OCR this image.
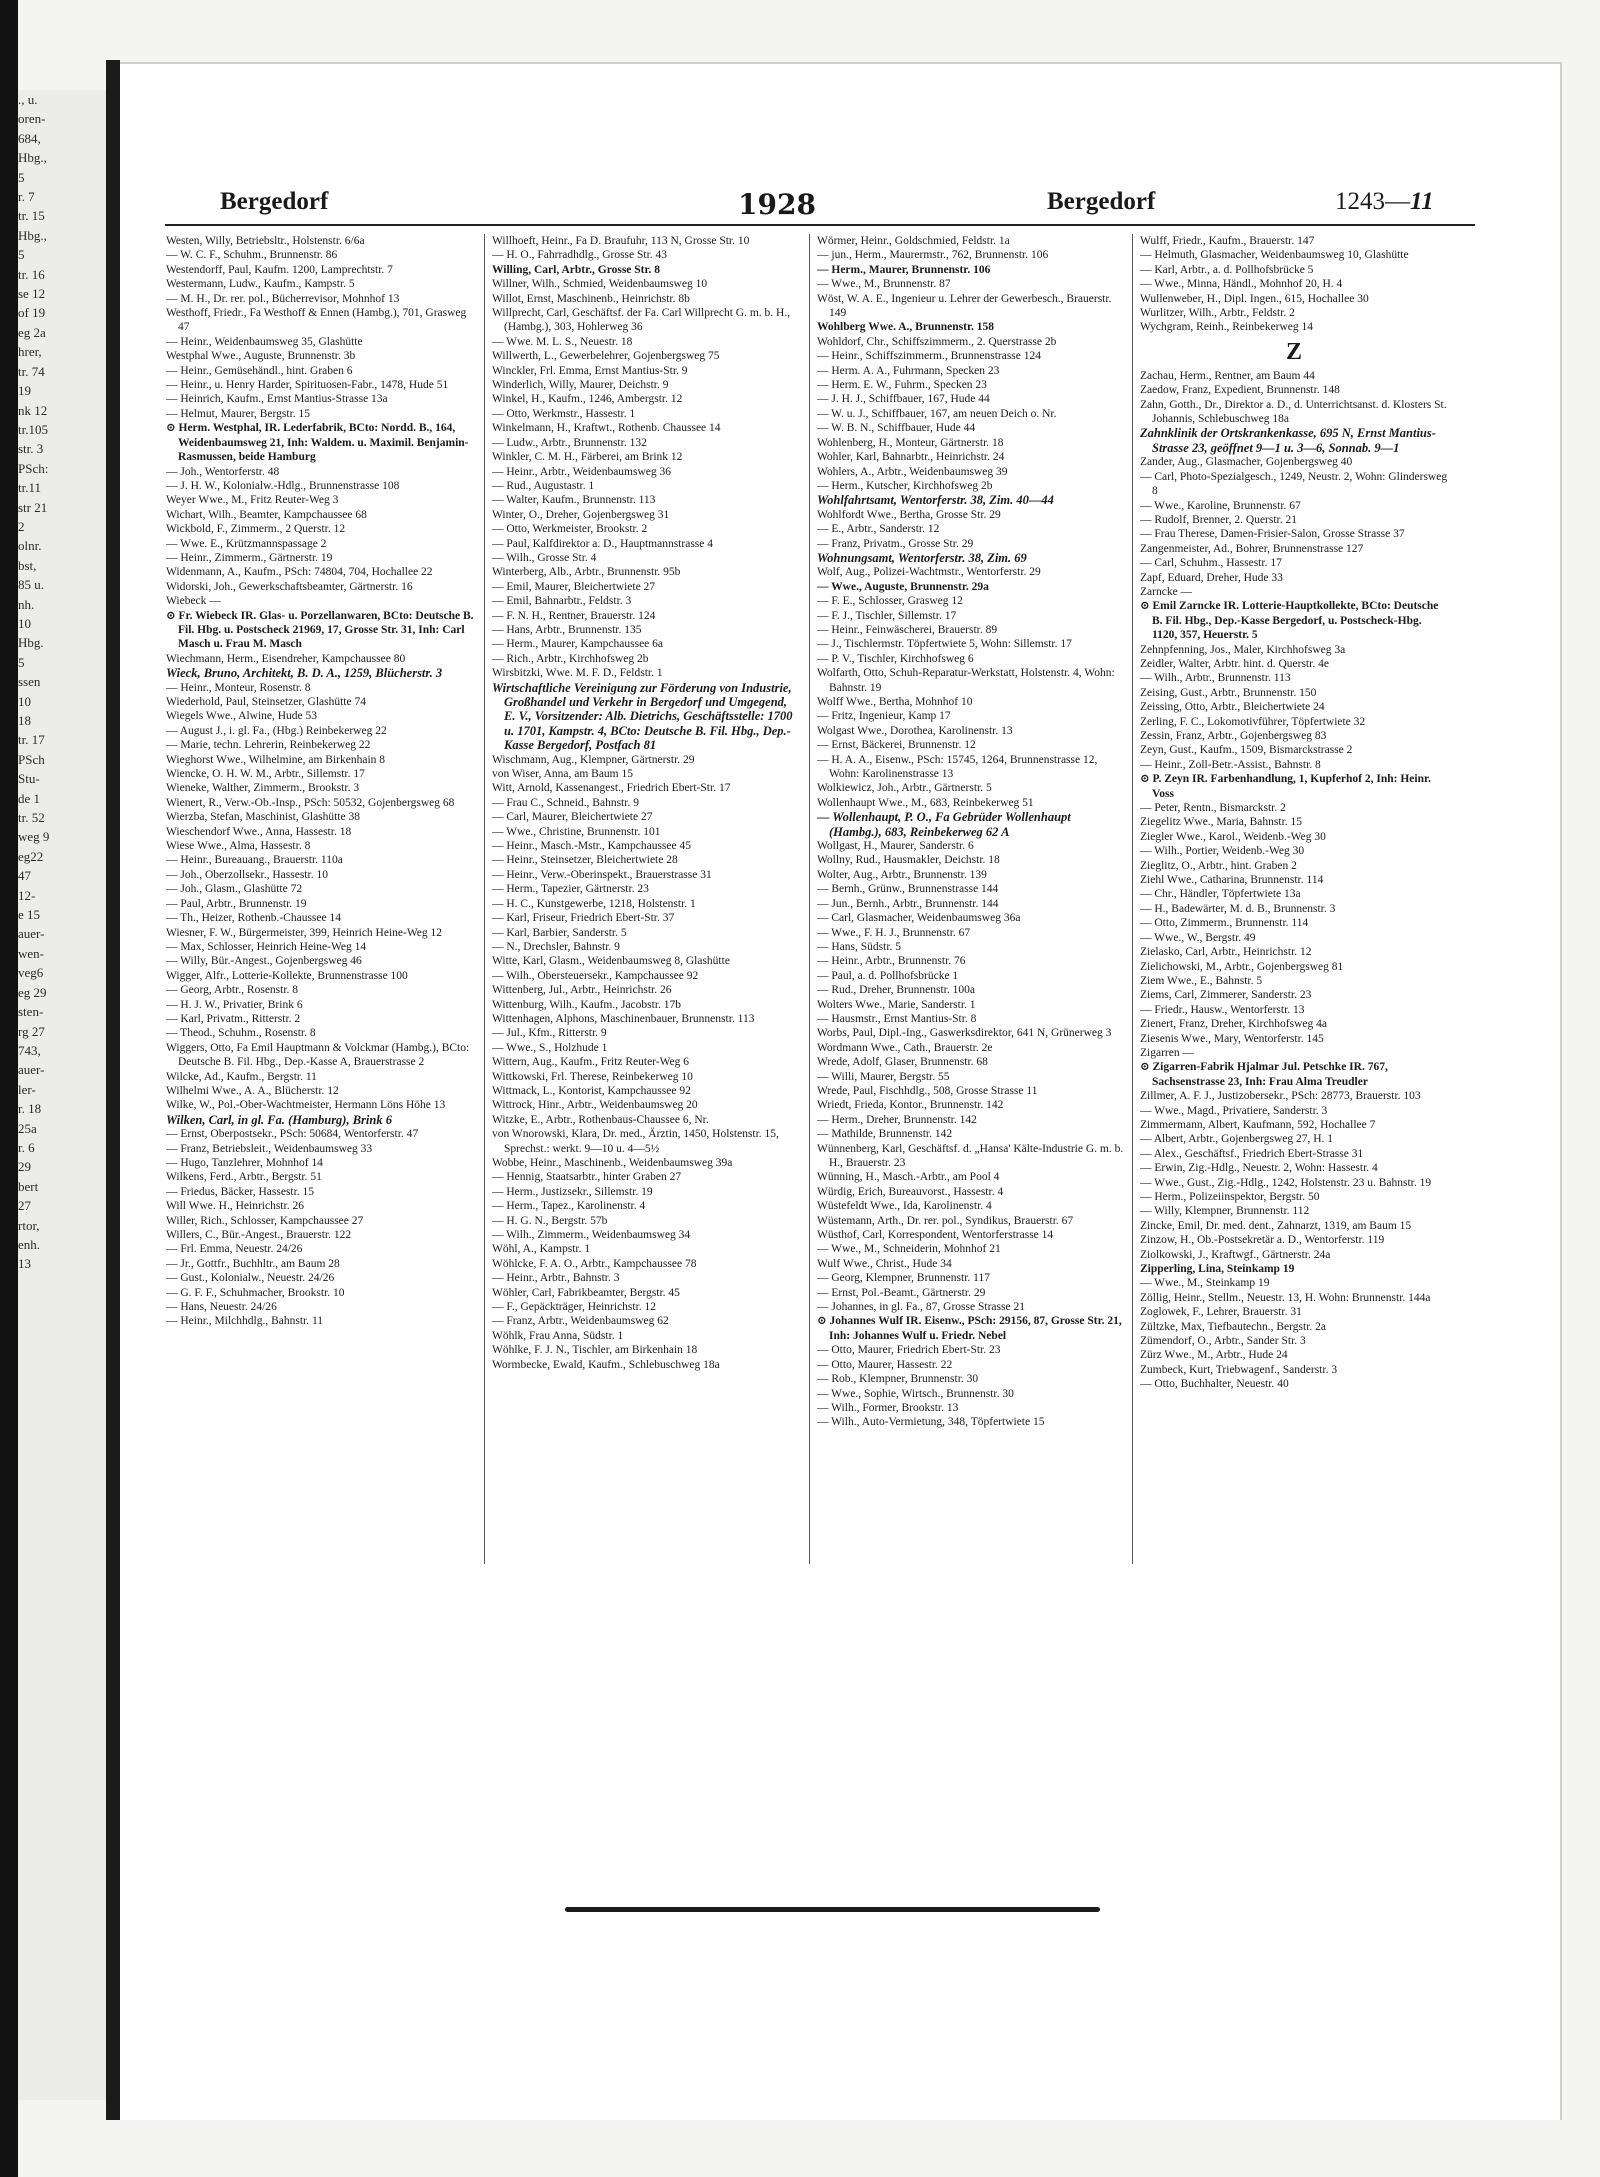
., u.
oren-
684,
Hbg.,
5
r. 7
tr. 15
Hbg.,
5
tr. 16
se 12
of 19
eg 2a
hrer,
tr. 74
19
nk 12
tr.105
str. 3
PSch:
tr.11
str 21
2
olnr.
bst,
85 u.
nh.
10
Hbg.
5
ssen
10
18
tr. 17
PSch
Stu-
de 1
tr. 52
weg 9
eg22
47
12-
e 15
auer-
wen-
veg6
eg 29
sten-
rg 27
743,
auer-
ler-
r. 18
25a
r. 6
29
bert
27
rtor,
enh.
13
Bergedorf	1928	Bergedorf	1243—11

Westen, Willy, Betriebsltr., Holstenstr. 6/6a

— W. C. F., Schuhm., Brunnenstr. 86

Westendorff, Paul, Kaufm. 1200, Lamprechtstr. 7

Westermann, Ludw., Kaufm., Kampstr. 5

— M. H., Dr. rer. pol., Bücherrevisor, Mohnhof 13

Westhoff, Friedr., Fa Westhoff & Ennen (Hambg.), 701, Grasweg 47

— Heinr., Weidenbaumsweg 35, Glashütte

Westphal Wwe., Auguste, Brunnenstr. 3b

— Heinr., Gemüsehändl., hint. Graben 6

— Heinr., u. Henry Harder, Spirituosen-Fabr., 1478, Hude 51

— Heinrich, Kaufm., Ernst Mantius-Strasse 13a

— Helmut, Maurer, Bergstr. 15

⊙ Herm. Westphal, IR. Lederfabrik, BCto: Nordd. B., 164, Weidenbaumsweg 21, Inh: Waldem. u. Maximil. Benjamin-Rasmussen, beide Hamburg

— Joh., Wentorferstr. 48

— J. H. W., Kolonialw.-Hdlg., Brunnenstrasse 108

Weyer Wwe., M., Fritz Reuter-Weg 3

Wichart, Wilh., Beamter, Kampchaussee 68

Wickbold, F., Zimmerm., 2 Querstr. 12

— Wwe. E., Krützmannspassage 2

— Heinr., Zimmerm., Gärtnerstr. 19

Widenmann, A., Kaufm., PSch: 74804, 704, Hochallee 22

Widorski, Joh., Gewerkschaftsbeamter, Gärtnerstr. 16

Wiebeck —

⊙ Fr. Wiebeck IR. Glas- u. Porzellanwaren, BCto: Deutsche B. Fil. Hbg. u. Postscheck 21969, 17, Grosse Str. 31, Inh: Carl Masch u. Frau M. Masch

Wiechmann, Herm., Eisendreher, Kampchaussee 80

Wieck, Bruno, Architekt, B. D. A., 1259, Blücherstr. 3

— Heinr., Monteur, Rosenstr. 8

Wiederhold, Paul, Steinsetzer, Glashütte 74

Wiegels Wwe., Alwine, Hude 53

— August J., i. gl. Fa., (Hbg.) Reinbekerweg 22

— Marie, techn. Lehrerin, Reinbekerweg 22

Wieghorst Wwe., Wilhelmine, am Birkenhain 8

Wiencke, O. H. W. M., Arbtr., Sillemstr. 17

Wieneke, Walther, Zimmerm., Brookstr. 3

Wienert, R., Verw.-Ob.-Insp., PSch: 50532, Gojenbergsweg 68

Wierzba, Stefan, Maschinist, Glashütte 38

Wieschendorf Wwe., Anna, Hassestr. 18

Wiese Wwe., Alma, Hassestr. 8

— Heinr., Bureauang., Brauerstr. 110a

— Joh., Oberzollsekr., Hassestr. 10

— Joh., Glasm., Glashütte 72

— Paul, Arbtr., Brunnenstr. 19

— Th., Heizer, Rothenb.-Chaussee 14

Wiesner, F. W., Bürgermeister, 399, Heinrich Heine-Weg 12

— Max, Schlosser, Heinrich Heine-Weg 14

— Willy, Bür.-Angest., Gojenbergsweg 46

Wigger, Alfr., Lotterie-Kollekte, Brunnenstrasse 100

— Georg, Arbtr., Rosenstr. 8

— H. J. W., Privatier, Brink 6

— Karl, Privatm., Ritterstr. 2

— Theod., Schuhm., Rosenstr. 8

Wiggers, Otto, Fa Emil Hauptmann & Volckmar (Hambg.), BCto: Deutsche B. Fil. Hbg., Dep.-Kasse A, Brauerstrasse 2

Wilcke, Ad., Kaufm., Bergstr. 11

Wilhelmi Wwe., A. A., Blücherstr. 12

Wilke, W., Pol.-Ober-Wachtmeister, Hermann Löns Höhe 13

Wilken, Carl, in gl. Fa. (Hamburg), Brink 6

— Ernst, Oberpostsekr., PSch: 50684, Wentorferstr. 47

— Franz, Betriebsleit., Weidenbaumsweg 33

— Hugo, Tanzlehrer, Mohnhof 14

Wilkens, Ferd., Arbtr., Bergstr. 51

— Friedus, Bäcker, Hassestr. 15

Will Wwe. H., Heinrichstr. 26

Willer, Rich., Schlosser, Kampchaussee 27

Willers, C., Bür.-Angest., Brauerstr. 122

— Frl. Emma, Neuestr. 24/26

— Jr., Gottfr., Buchhltr., am Baum 28

— Gust., Kolonialw., Neuestr. 24/26

— G. F. F., Schuhmacher, Brookstr. 10

— Hans, Neuestr. 24/26

— Heinr., Milchhdlg., Bahnstr. 11

Willhoeft, Heinr., Fa D. Braufuhr, 113 N, Grosse Str. 10

— H. O., Fahrradhdlg., Grosse Str. 43

Willing, Carl, Arbtr., Grosse Str. 8

Willner, Wilh., Schmied, Weidenbaumsweg 10

Willot, Ernst, Maschinenb., Heinrichstr. 8b

Willprecht, Carl, Geschäftsf. der Fa. Carl Willprecht G. m. b. H., (Hambg.), 303, Hohlerweg 36

— Wwe. M. L. S., Neuestr. 18

Willwerth, L., Gewerbelehrer, Gojenbergsweg 75

Winckler, Frl. Emma, Ernst Mantius-Str. 9

Winderlich, Willy, Maurer, Deichstr. 9

Winkel, H., Kaufm., 1246, Ambergstr. 12

— Otto, Werkmstr., Hassestr. 1

Winkelmann, H., Kraftwt., Rothenb. Chaussee 14

— Ludw., Arbtr., Brunnenstr. 132

Winkler, C. M. H., Färberei, am Brink 12

— Heinr., Arbtr., Weidenbaumsweg 36

— Rud., Augustastr. 1

— Walter, Kaufm., Brunnenstr. 113

Winter, O., Dreher, Gojenbergsweg 31

— Otto, Werkmeister, Brookstr. 2

— Paul, Kalfdirektor a. D., Hauptmannstrasse 4

— Wilh., Grosse Str. 4

Winterberg, Alb., Arbtr., Brunnenstr. 95b

— Emil, Maurer, Bleichertwiete 27

— Emil, Bahnarbtr., Feldstr. 3

— F. N. H., Rentner, Brauerstr. 124

— Hans, Arbtr., Brunnenstr. 135

— Herm., Maurer, Kampchaussee 6a

— Rich., Arbtr., Kirchhofsweg 2b

Wirsbitzki, Wwe. M. F. D., Feldstr. 1

Wirtschaftliche Vereinigung zur Förderung von Industrie, Großhandel und Verkehr in Bergedorf und Umgegend, E. V., Vorsitzender: Alb. Dietrichs, Geschäftsstelle: 1700 u. 1701, Kampstr. 4, BCto: Deutsche B. Fil. Hbg., Dep.-Kasse Bergedorf, Postfach 81

Wischmann, Aug., Klempner, Gärtnerstr. 29

von Wiser, Anna, am Baum 15

Witt, Arnold, Kassenangest., Friedrich Ebert-Str. 17

— Frau C., Schneid., Bahnstr. 9

— Carl, Maurer, Bleichertwiete 27

— Wwe., Christine, Brunnenstr. 101

— Heinr., Masch.-Mstr., Kampchaussee 45

— Heinr., Steinsetzer, Bleichertwiete 28

— Heinr., Verw.-Oberinspekt., Brauerstrasse 31

— Herm., Tapezier, Gärtnerstr. 23

— H. C., Kunstgewerbe, 1218, Holstenstr. 1

— Karl, Friseur, Friedrich Ebert-Str. 37

— Karl, Barbier, Sanderstr. 5

— N., Drechsler, Bahnstr. 9

Witte, Karl, Glasm., Weidenbaumsweg 8, Glashütte

— Wilh., Obersteuersekr., Kampchaussee 92

Wittenberg, Jul., Arbtr., Heinrichstr. 26

Wittenburg, Wilh., Kaufm., Jacobstr. 17b

Wittenhagen, Alphons, Maschinenbauer, Brunnenstr. 113

— Jul., Kfm., Ritterstr. 9

— Wwe., S., Holzhude 1

Wittern, Aug., Kaufm., Fritz Reuter-Weg 6

Wittkowski, Frl. Therese, Reinbekerweg 10

Wittmack, L., Kontorist, Kampchaussee 92

Wittrock, Hinr., Arbtr., Weidenbaumsweg 20

Witzke, E., Arbtr., Rothenbaus-Chaussee 6, Nr.

von Wnorowski, Klara, Dr. med., Ärztin, 1450, Holstenstr. 15, Sprechst.: werkt. 9—10 u. 4—5½

Wobbe, Heinr., Maschinenb., Weidenbaumsweg 39a

— Hennig, Staatsarbtr., hinter Graben 27

— Herm., Justizsekr., Sillemstr. 19

— Herm., Tapez., Karolinenstr. 4

— H. G. N., Bergstr. 57b

— Wilh., Zimmerm., Weidenbaumsweg 34

Wöhl, A., Kampstr. 1

Wöhlcke, F. A. O., Arbtr., Kampchaussee 78

— Heinr., Arbtr., Bahnstr. 3

Wöhler, Carl, Fabrikbeamter, Bergstr. 45

— F., Gepäckträger, Heinrichstr. 12

— Franz, Arbtr., Weidenbaumsweg 62

Wöhlk, Frau Anna, Südstr. 1

Wöhlke, F. J. N., Tischler, am Birkenhain 18

Wormbecke, Ewald, Kaufm., Schlebuschweg 18a

Wörmer, Heinr., Goldschmied, Feldstr. 1a

— jun., Herm., Maurermstr., 762, Brunnenstr. 106

— Herm., Maurer, Brunnenstr. 106

— Wwe., M., Brunnenstr. 87

Wöst, W. A. E., Ingenieur u. Lehrer der Gewerbesch., Brauerstr. 149

Wohlberg Wwe. A., Brunnenstr. 158

Wohldorf, Chr., Schiffszimmerm., 2. Querstrasse 2b

— Heinr., Schiffszimmerm., Brunnenstrasse 124

— Herm. A. A., Fuhrmann, Specken 23

— Herm. E. W., Fuhrm., Specken 23

— J. H. J., Schiffbauer, 167, Hude 44

— W. u. J., Schiffbauer, 167, am neuen Deich o. Nr.

— W. B. N., Schiffbauer, Hude 44

Wohlenberg, H., Monteur, Gärtnerstr. 18

Wohler, Karl, Bahnarbtr., Heinrichstr. 24

Wohlers, A., Arbtr., Weidenbaumsweg 39

— Herm., Kutscher, Kirchhofsweg 2b

Wohlfahrtsamt, Wentorferstr. 38, Zim. 40—44

Wohlfordt Wwe., Bertha, Grosse Str. 29

— E., Arbtr., Sanderstr. 12

— Franz, Privatm., Grosse Str. 29

Wohnungsamt, Wentorferstr. 38, Zim. 69

Wolf, Aug., Polizei-Wachtmstr., Wentorferstr. 29

— Wwe., Auguste, Brunnenstr. 29a

— F. E., Schlosser, Grasweg 12

— F. J., Tischler, Sillemstr. 17

— Heinr., Feinwäscherei, Brauerstr. 89

— J., Tischlermstr. Töpfertwiete 5, Wohn: Sillemstr. 17

— P. V., Tischler, Kirchhofsweg 6

Wolfarth, Otto, Schuh-Reparatur-Werkstatt, Holstenstr. 4, Wohn: Bahnstr. 19

Wolff Wwe., Bertha, Mohnhof 10

— Fritz, Ingenieur, Kamp 17

Wolgast Wwe., Dorothea, Karolinenstr. 13

— Ernst, Bäckerei, Brunnenstr. 12

— H. A. A., Eisenw., PSch: 15745, 1264, Brunnenstrasse 12, Wohn: Karolinenstrasse 13

Wolkiewicz, Joh., Arbtr., Gärtnerstr. 5

Wollenhaupt Wwe., M., 683, Reinbekerweg 51

— Wollenhaupt, P. O., Fa Gebrüder Wollenhaupt (Hambg.), 683, Reinbekerweg 62 A

Wollgast, H., Maurer, Sanderstr. 6

Wollny, Rud., Hausmakler, Deichstr. 18

Wolter, Aug., Arbtr., Brunnenstr. 139

— Bernh., Grünw., Brunnenstrasse 144

— Jun., Bernh., Arbtr., Brunnenstr. 144

— Carl, Glasmacher, Weidenbaumsweg 36a

— Wwe., F. H. J., Brunnenstr. 67

— Hans, Südstr. 5

— Heinr., Arbtr., Brunnenstr. 76

— Paul, a. d. Pollhofsbrücke 1

— Rud., Dreher, Brunnenstr. 100a

Wolters Wwe., Marie, Sanderstr. 1

— Hausmstr., Ernst Mantius-Str. 8

Worbs, Paul, Dipl.-Ing., Gaswerksdirektor, 641 N, Grünerweg 3

Wordmann Wwe., Cath., Brauerstr. 2e

Wrede, Adolf, Glaser, Brunnenstr. 68

— Willi, Maurer, Bergstr. 55

Wrede, Paul, Fischhdlg., 508, Grosse Strasse 11

Wriedt, Frieda, Kontor., Brunnenstr. 142

— Herm., Dreher, Brunnenstr. 142

— Mathilde, Brunnenstr. 142

Wünnenberg, Karl, Geschäftsf. d. „Hansa' Kälte-Industrie G. m. b. H., Brauerstr. 23

Wünning, H., Masch.-Arbtr., am Pool 4

Würdig, Erich, Bureauvorst., Hassestr. 4

Wüstefeldt Wwe., Ida, Karolinenstr. 4

Wüstemann, Arth., Dr. rer. pol., Syndikus, Brauerstr. 67

Wüsthof, Carl, Korrespondent, Wentorferstrasse 14

— Wwe., M., Schneiderin, Mohnhof 21

Wulf Wwe., Christ., Hude 34

— Georg, Klempner, Brunnenstr. 117

— Ernst, Pol.-Beamt., Gärtnerstr. 29

— Johannes, in gl. Fa., 87, Grosse Strasse 21

⊙ Johannes Wulf IR. Eisenw., PSch: 29156, 87, Grosse Str. 21, Inh: Johannes Wulf u. Friedr. Nebel

— Otto, Maurer, Friedrich Ebert-Str. 23

— Otto, Maurer, Hassestr. 22

— Rob., Klempner, Brunnenstr. 30

— Wwe., Sophie, Wirtsch., Brunnenstr. 30

— Wilh., Former, Brookstr. 13

— Wilh., Auto-Vermietung, 348, Töpfertwiete 15

Wulff, Friedr., Kaufm., Brauerstr. 147

— Helmuth, Glasmacher, Weidenbaumsweg 10, Glashütte

— Karl, Arbtr., a. d. Pollhofsbrücke 5

— Wwe., Minna, Händl., Mohnhof 20, H. 4

Wullenweber, H., Dipl. Ingen., 615, Hochallee 30

Wurlitzer, Wilh., Arbtr., Feldstr. 2

Wychgram, Reinh., Reinbekerweg 14

Z

Zachau, Herm., Rentner, am Baum 44

Zaedow, Franz, Expedient, Brunnenstr. 148

Zahn, Gotth., Dr., Direktor a. D., d. Unterrichtsanst. d. Klosters St. Johannis, Schlebuschweg 18a

Zahnklinik der Ortskrankenkasse, 695 N, Ernst Mantius-Strasse 23, geöffnet 9—1 u. 3—6, Sonnab. 9—1

Zander, Aug., Glasmacher, Gojenbergsweg 40

— Carl, Photo-Spezialgesch., 1249, Neustr. 2, Wohn: Glindersweg 8

— Wwe., Karoline, Brunnenstr. 67

— Rudolf, Brenner, 2. Querstr. 21

— Frau Therese, Damen-Frisier-Salon, Grosse Strasse 37

Zangenmeister, Ad., Bohrer, Brunnenstrasse 127

— Carl, Schuhm., Hassestr. 17

Zapf, Eduard, Dreher, Hude 33

Zarncke —

⊙ Emil Zarncke IR. Lotterie-Hauptkollekte, BCto: Deutsche B. Fil. Hbg., Dep.-Kasse Bergedorf, u. Postscheck-Hbg. 1120, 357, Heuerstr. 5

Zehnpfenning, Jos., Maler, Kirchhofsweg 3a

Zeidler, Walter, Arbtr. hint. d. Querstr. 4e

— Wilh., Arbtr., Brunnenstr. 113

Zeising, Gust., Arbtr., Brunnenstr. 150

Zeissing, Otto, Arbtr., Bleichertwiete 24

Zerling, F. C., Lokomotivführer, Töpfertwiete 32

Zessin, Franz, Arbtr., Gojenbergsweg 83

Zeyn, Gust., Kaufm., 1509, Bismarckstrasse 2

— Heinr., Zoll-Betr.-Assist., Bahnstr. 8

⊙ P. Zeyn IR. Farbenhandlung, 1, Kupferhof 2, Inh: Heinr. Voss

— Peter, Rentn., Bismarckstr. 2

Ziegelitz Wwe., Maria, Bahnstr. 15

Ziegler Wwe., Karol., Weidenb.-Weg 30

— Wilh., Portier, Weidenb.-Weg 30

Zieglitz, O., Arbtr., hint. Graben 2

Ziehl Wwe., Catharina, Brunnenstr. 114

— Chr., Händler, Töpfertwiete 13a

— H., Badewärter, M. d. B., Brunnenstr. 3

— Otto, Zimmerm., Brunnenstr. 114

— Wwe., W., Bergstr. 49

Zielasko, Carl, Arbtr., Heinrichstr. 12

Zielichowski, M., Arbtr., Gojenbergsweg 81

Ziem Wwe., E., Bahnstr. 5

Ziems, Carl, Zimmerer, Sanderstr. 23

— Friedr., Hausw., Wentorferstr. 13

Zienert, Franz, Dreher, Kirchhofsweg 4a

Ziesenis Wwe., Mary, Wentorferstr. 145

Zigarren —

⊙ Zigarren-Fabrik Hjalmar Jul. Petschke IR. 767, Sachsenstrasse 23, Inh: Frau Alma Treudler

Zillmer, A. F. J., Justizobersekr., PSch: 28773, Brauerstr. 103

— Wwe., Magd., Privatiere, Sanderstr. 3

Zimmermann, Albert, Kaufmann, 592, Hochallee 7

— Albert, Arbtr., Gojenbergsweg 27, H. 1

— Alex., Geschäftsf., Friedrich Ebert-Strasse 31

— Erwin, Zig.-Hdlg., Neuestr. 2, Wohn: Hassestr. 4

— Wwe., Gust., Zig.-Hdlg., 1242, Holstenstr. 23 u. Bahnstr. 19

— Herm., Polizeiinspektor, Bergstr. 50

— Willy, Klempner, Brunnenstr. 112

Zincke, Emil, Dr. med. dent., Zahnarzt, 1319, am Baum 15

Zinzow, H., Ob.-Postsekretär a. D., Wentorferstr. 119

Ziolkowski, J., Kraftwgf., Gärtnerstr. 24a

Zipperling, Lina, Steinkamp 19

— Wwe., M., Steinkamp 19

Zöllig, Heinr., Stellm., Neuestr. 13, H. Wohn: Brunnenstr. 144a

Zoglowek, F., Lehrer, Brauerstr. 31

Zültzke, Max, Tiefbautechn., Bergstr. 2a

Zümendorf, O., Arbtr., Sander Str. 3

Zürz Wwe., M., Arbtr., Hude 24

Zumbeck, Kurt, Triebwagenf., Sanderstr. 3

— Otto, Buchhalter, Neuestr. 40
